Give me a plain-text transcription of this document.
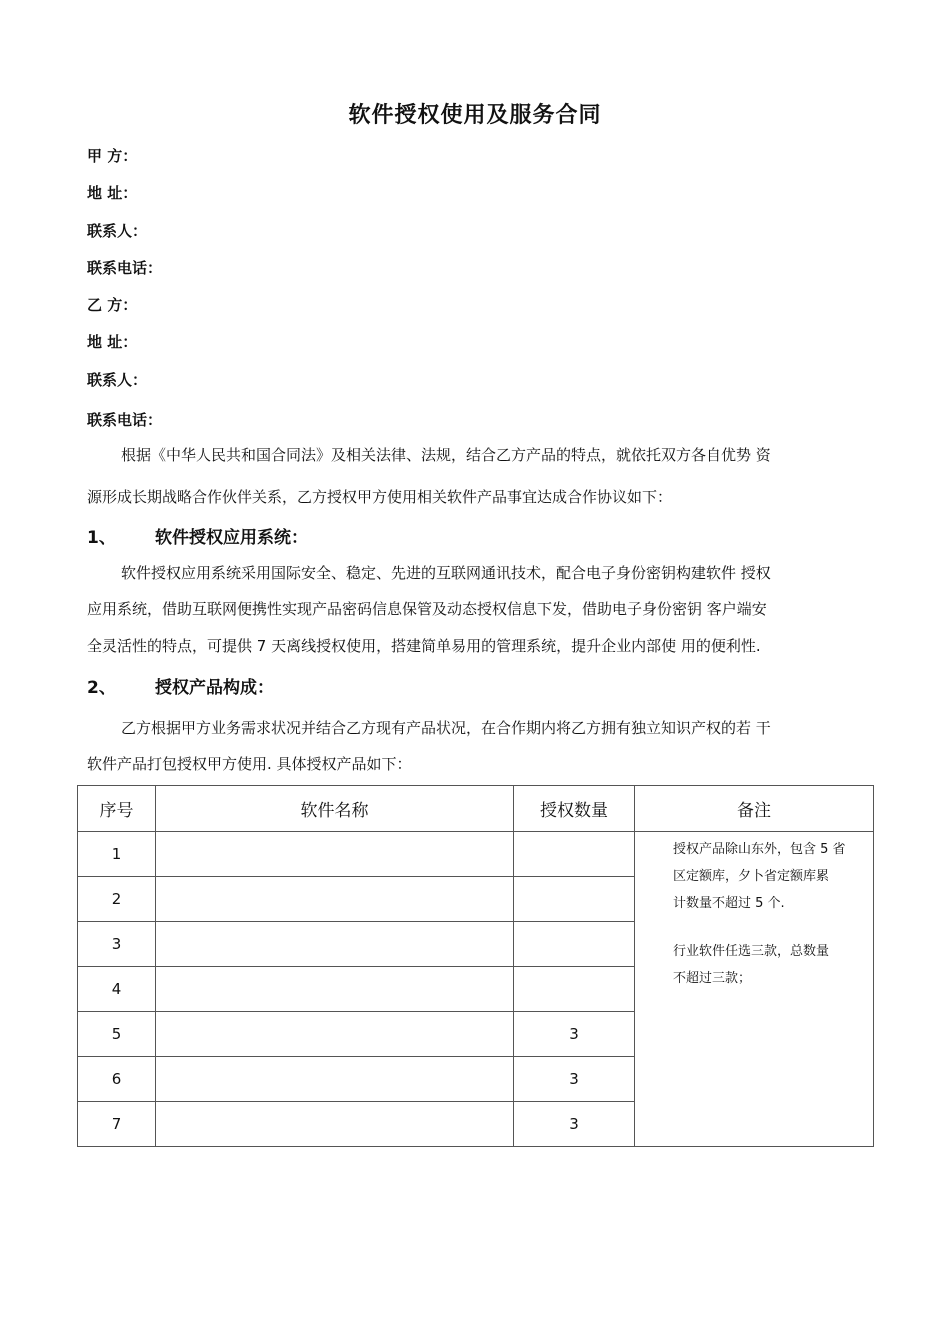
软件授权使用及服务合同
甲 方：
地 址：
联系人：
联系电话：
乙 方：
地 址：
联系人：
联系电话：
根据《中华人民共和国合同法》及相关法律、法规，结合乙方产品的特点，就依托双方各自优势 资
源形成长期战略合作伙伴关系，乙方授权甲方使用相关软件产品事宜达成合作协议如下：
1、 软件授权应用系统：
软件授权应用系统采用国际安全、稳定、先进的互联网通讯技术，配合电子身份密钥构建软件 授权
应用系统，借助互联网便携性实现产品密码信息保管及动态授权信息下发，借助电子身份密钥 客户端安
全灵活性的特点，可提供 7 天离线授权使用，搭建简单易用的管理系统，提升企业内部使 用的便利性.
2、 授权产品构成：
乙方根据甲方业务需求状况并结合乙方现有产品状况，在合作期内将乙方拥有独立知识产权的若 干
软件产品打包授权甲方使用. 具体授权产品如下：
序号	软件名称	授权数量	备注
1			授权产品除山东外，包含 5 省

区定额库，夕卜省定额库累

计数量不超过 5 个.

行业软件任选三款，总数量

不超过三款；

2			
3			
4			
5		3	
6		3	
7		3	
